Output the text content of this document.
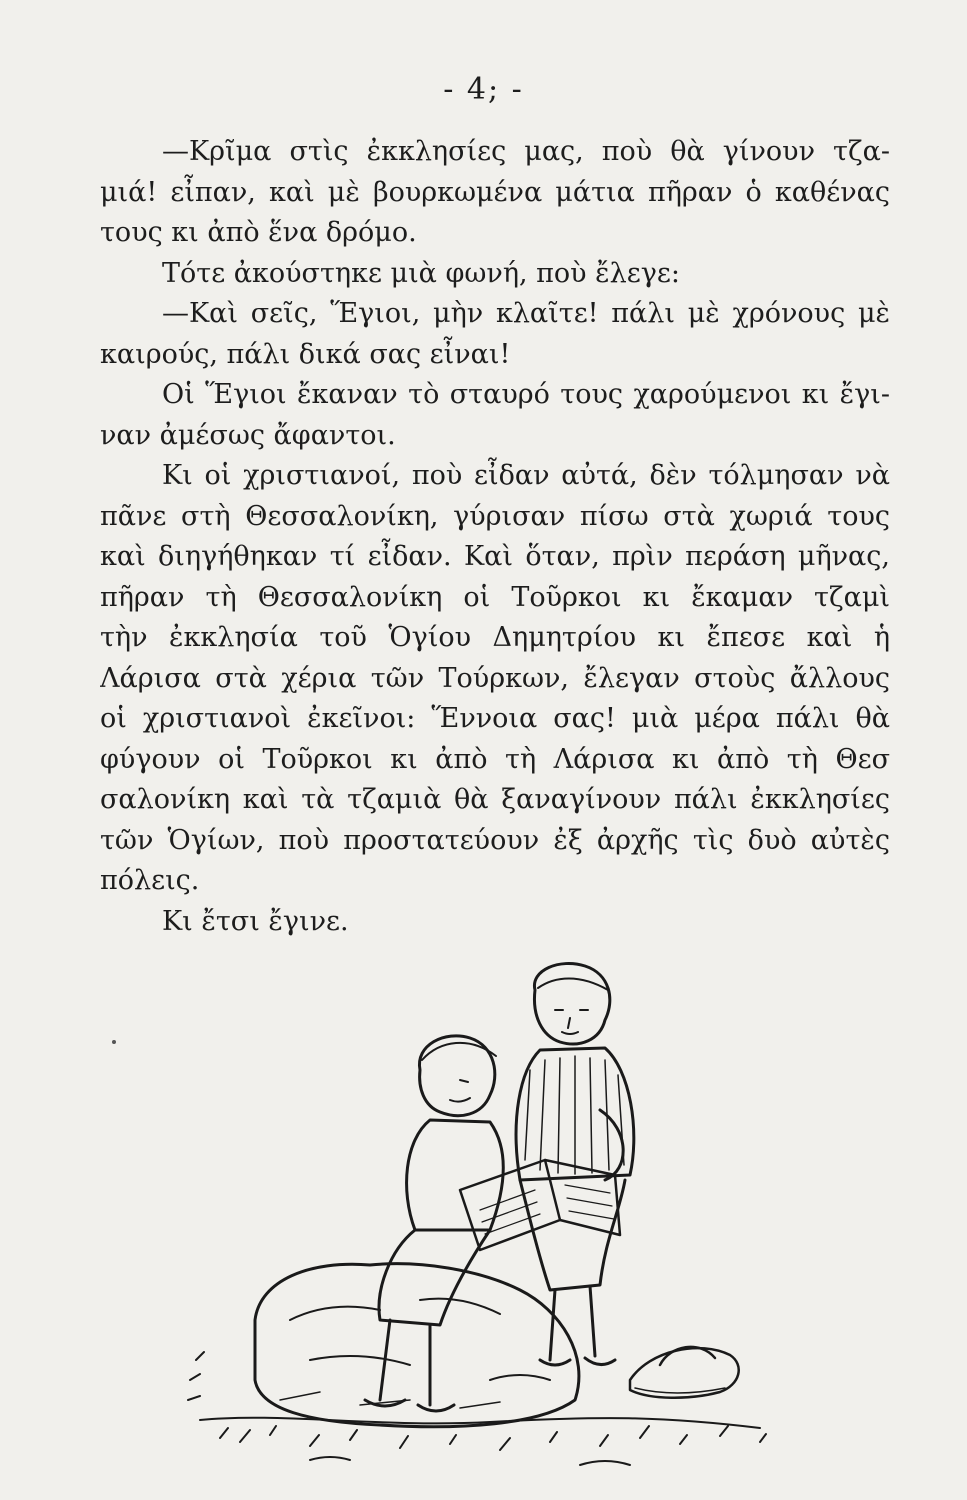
- 4; -
—Κρῖμα στὶς ἐκκλησίες μας, ποὺ θὰ γίνουν τζα-
μιά! εἶπαν, καὶ μὲ βουρκωμένα μάτια πῆραν ὁ καθένας
τους κι ἀπὸ ἕνα δρόμο.
Τότε ἀκούστηκε μιὰ φωνή, ποὺ ἔλεγε:
—Καὶ σεῖς, Ἕγιοι, μὴν κλαῖτε! πάλι μὲ χρόνους μὲ
καιρούς, πάλι δικά σας εἶναι!
Οἱ Ἕγιοι ἔκαναν τὸ σταυρό τους χαρούμενοι κι ἔγι-
ναν ἀμέσως ἄφαντοι.
Κι οἱ χριστιανοί, ποὺ εἶδαν αὐτά, δὲν τόλμησαν νὰ
πᾶνε στὴ Θεσσαλονίκη, γύρισαν πίσω στὰ χωριά τους
καὶ διηγήθηκαν τί εἶδαν. Καὶ ὅταν, πρὶν περάση μῆνας,
πῆραν τὴ Θεσσαλονίκη οἱ Τοῦρκοι κι ἔκαμαν τζαμὶ
τὴν ἐκκλησία τοῦ Ὁγίου Δημητρίου κι ἔπεσε καὶ ἡ
Λάρισα στὰ χέρια τῶν Τούρκων, ἔλεγαν στοὺς ἄλλους
οἱ χριστιανοὶ ἐκεῖνοι: Ἕννοια σας! μιὰ μέρα πάλι θὰ
φύγουν οἱ Τοῦρκοι κι ἀπὸ τὴ Λάρισα κι ἀπὸ τὴ Θεσ
σαλονίκη καὶ τὰ τζαμιὰ θὰ ξαναγίνουν πάλι ἐκκλησίες
τῶν Ὁγίων, ποὺ προστατεύουν ἐξ ἀρχῆς τὶς δυὸ αὐτὲς
πόλεις.
Κι ἔτσι ἔγινε.
